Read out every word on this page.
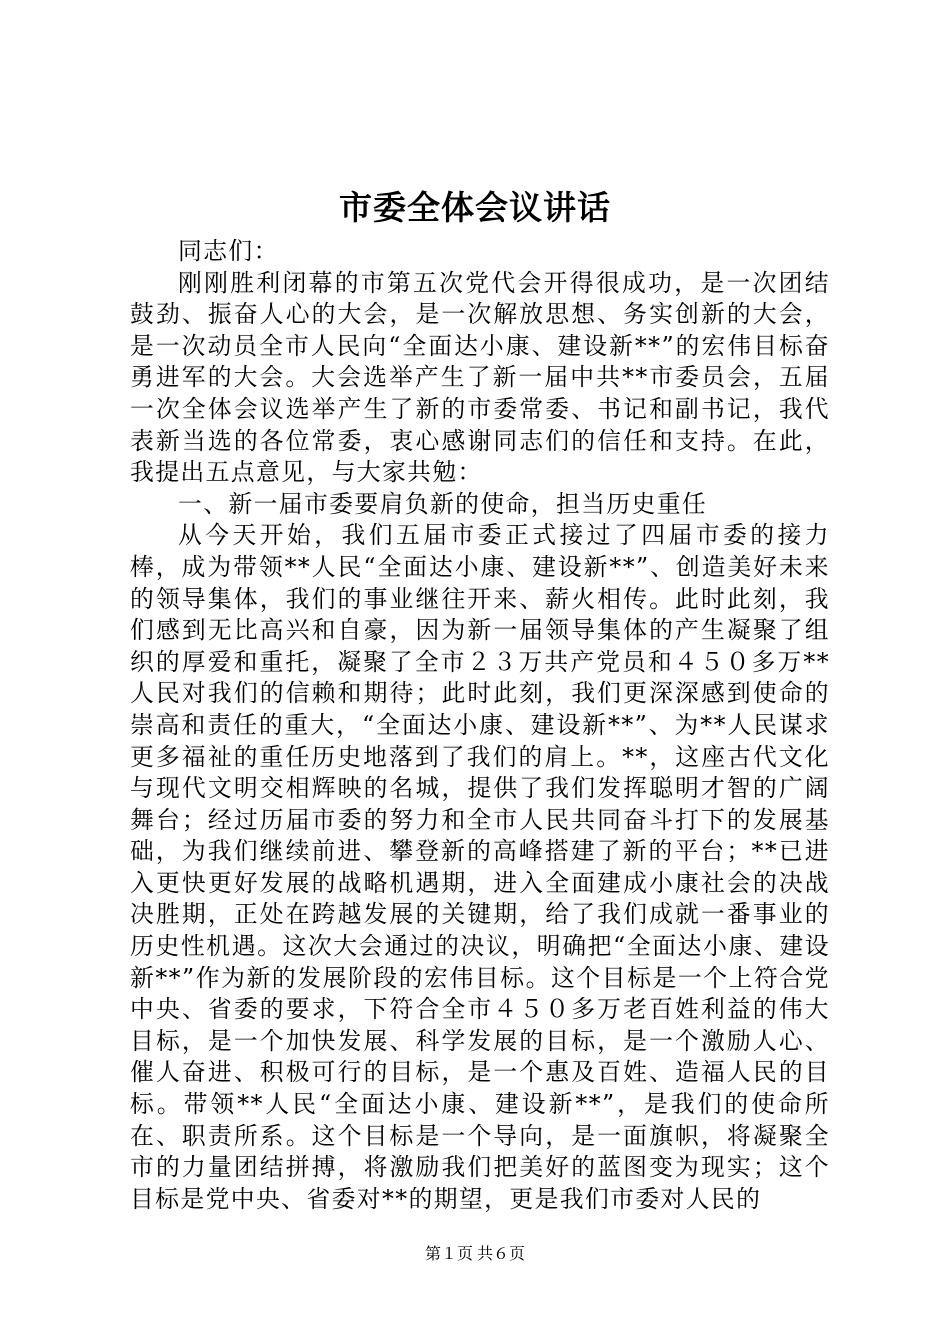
市委全体会议讲话

同志们：

刚刚胜利闭幕的市第五次党代会开得很成功，是一次团结鼓劲、振奋人心的大会，是一次解放思想、务实创新的大会，是一次动员全市人民向“全面达小康、建设新**”的宏伟目标奋勇进军的大会。大会选举产生了新一届中共**市委员会，五届一次全体会议选举产生了新的市委常委、书记和副书记，我代表新当选的各位常委，衷心感谢同志们的信任和支持。在此，我提出五点意见，与大家共勉：

一、新一届市委要肩负新的使命，担当历史重任

从今天开始，我们五届市委正式接过了四届市委的接力棒，成为带领**人民“全面达小康、建设新**”、创造美好未来的领导集体，我们的事业继往开来、薪火相传。此时此刻，我们感到无比高兴和自豪，因为新一届领导集体的产生凝聚了组织的厚爱和重托，凝聚了全市２３万共产党员和４５０多万**人民对我们的信赖和期待；此时此刻，我们更深深感到使命的崇高和责任的重大，“全面达小康、建设新**”、为**人民谋求更多福祉的重任历史地落到了我们的肩上。**，这座古代文化与现代文明交相辉映的名城，提供了我们发挥聪明才智的广阔舞台；经过历届市委的努力和全市人民共同奋斗打下的发展基础，为我们继续前进、攀登新的高峰搭建了新的平台；**已进入更快更好发展的战略机遇期，进入全面建成小康社会的决战决胜期，正处在跨越发展的关键期，给了我们成就一番事业的历史性机遇。这次大会通过的决议，明确把“全面达小康、建设新**”作为新的发展阶段的宏伟目标。这个目标是一个上符合党中央、省委的要求，下符合全市４５０多万老百姓利益的伟大目标，是一个加快发展、科学发展的目标，是一个激励人心、催人奋进、积极可行的目标，是一个惠及百姓、造福人民的目标。带领**人民“全面达小康、建设新**”，是我们的使命所在、职责所系。这个目标是一个导向，是一面旗帜，将凝聚全市的力量团结拼搏，将激励我们把美好的蓝图变为现实；这个目标是党中央、省委对**的期望，更是我们市委对人民的

第１页 共６页
